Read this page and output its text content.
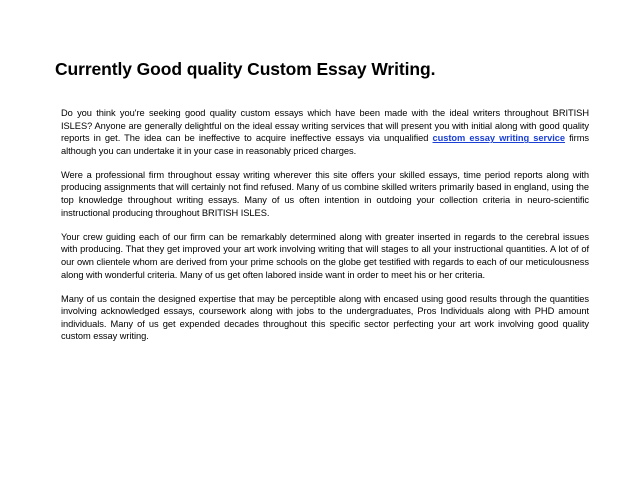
Currently Good quality Custom Essay Writing.

Do you think you're seeking good quality custom essays which have been made with the ideal writers throughout BRITISH ISLES? Anyone are generally delightful on the ideal essay writing services that will present you with initial along with good quality reports in get. The idea can be ineffective to acquire ineffective essays via unqualified custom essay writing service firms although you can undertake it in your case in reasonably priced charges.

Were a professional firm throughout essay writing wherever this site offers your skilled essays, time period reports along with producing assignments that will certainly not find refused. Many of us combine skilled writers primarily based in england, using the top knowledge throughout writing essays. Many of us often intention in outdoing your collection criteria in neuro-scientific instructional producing throughout BRITISH ISLES.

Your crew guiding each of our firm can be remarkably determined along with greater inserted in regards to the cerebral issues with producing. That they get improved your art work involving writing that will stages to all your instructional quantities. A lot of of our own clientele whom are derived from your prime schools on the globe get testified with regards to each of our meticulousness along with wonderful criteria. Many of us get often labored inside want in order to meet his or her criteria.

Many of us contain the designed expertise that may be perceptible along with encased using good results through the quantities involving acknowledged essays, coursework along with jobs to the undergraduates, Pros Individuals along with PHD amount individuals. Many of us get expended decades throughout this specific sector perfecting your art work involving good quality custom essay writing.
